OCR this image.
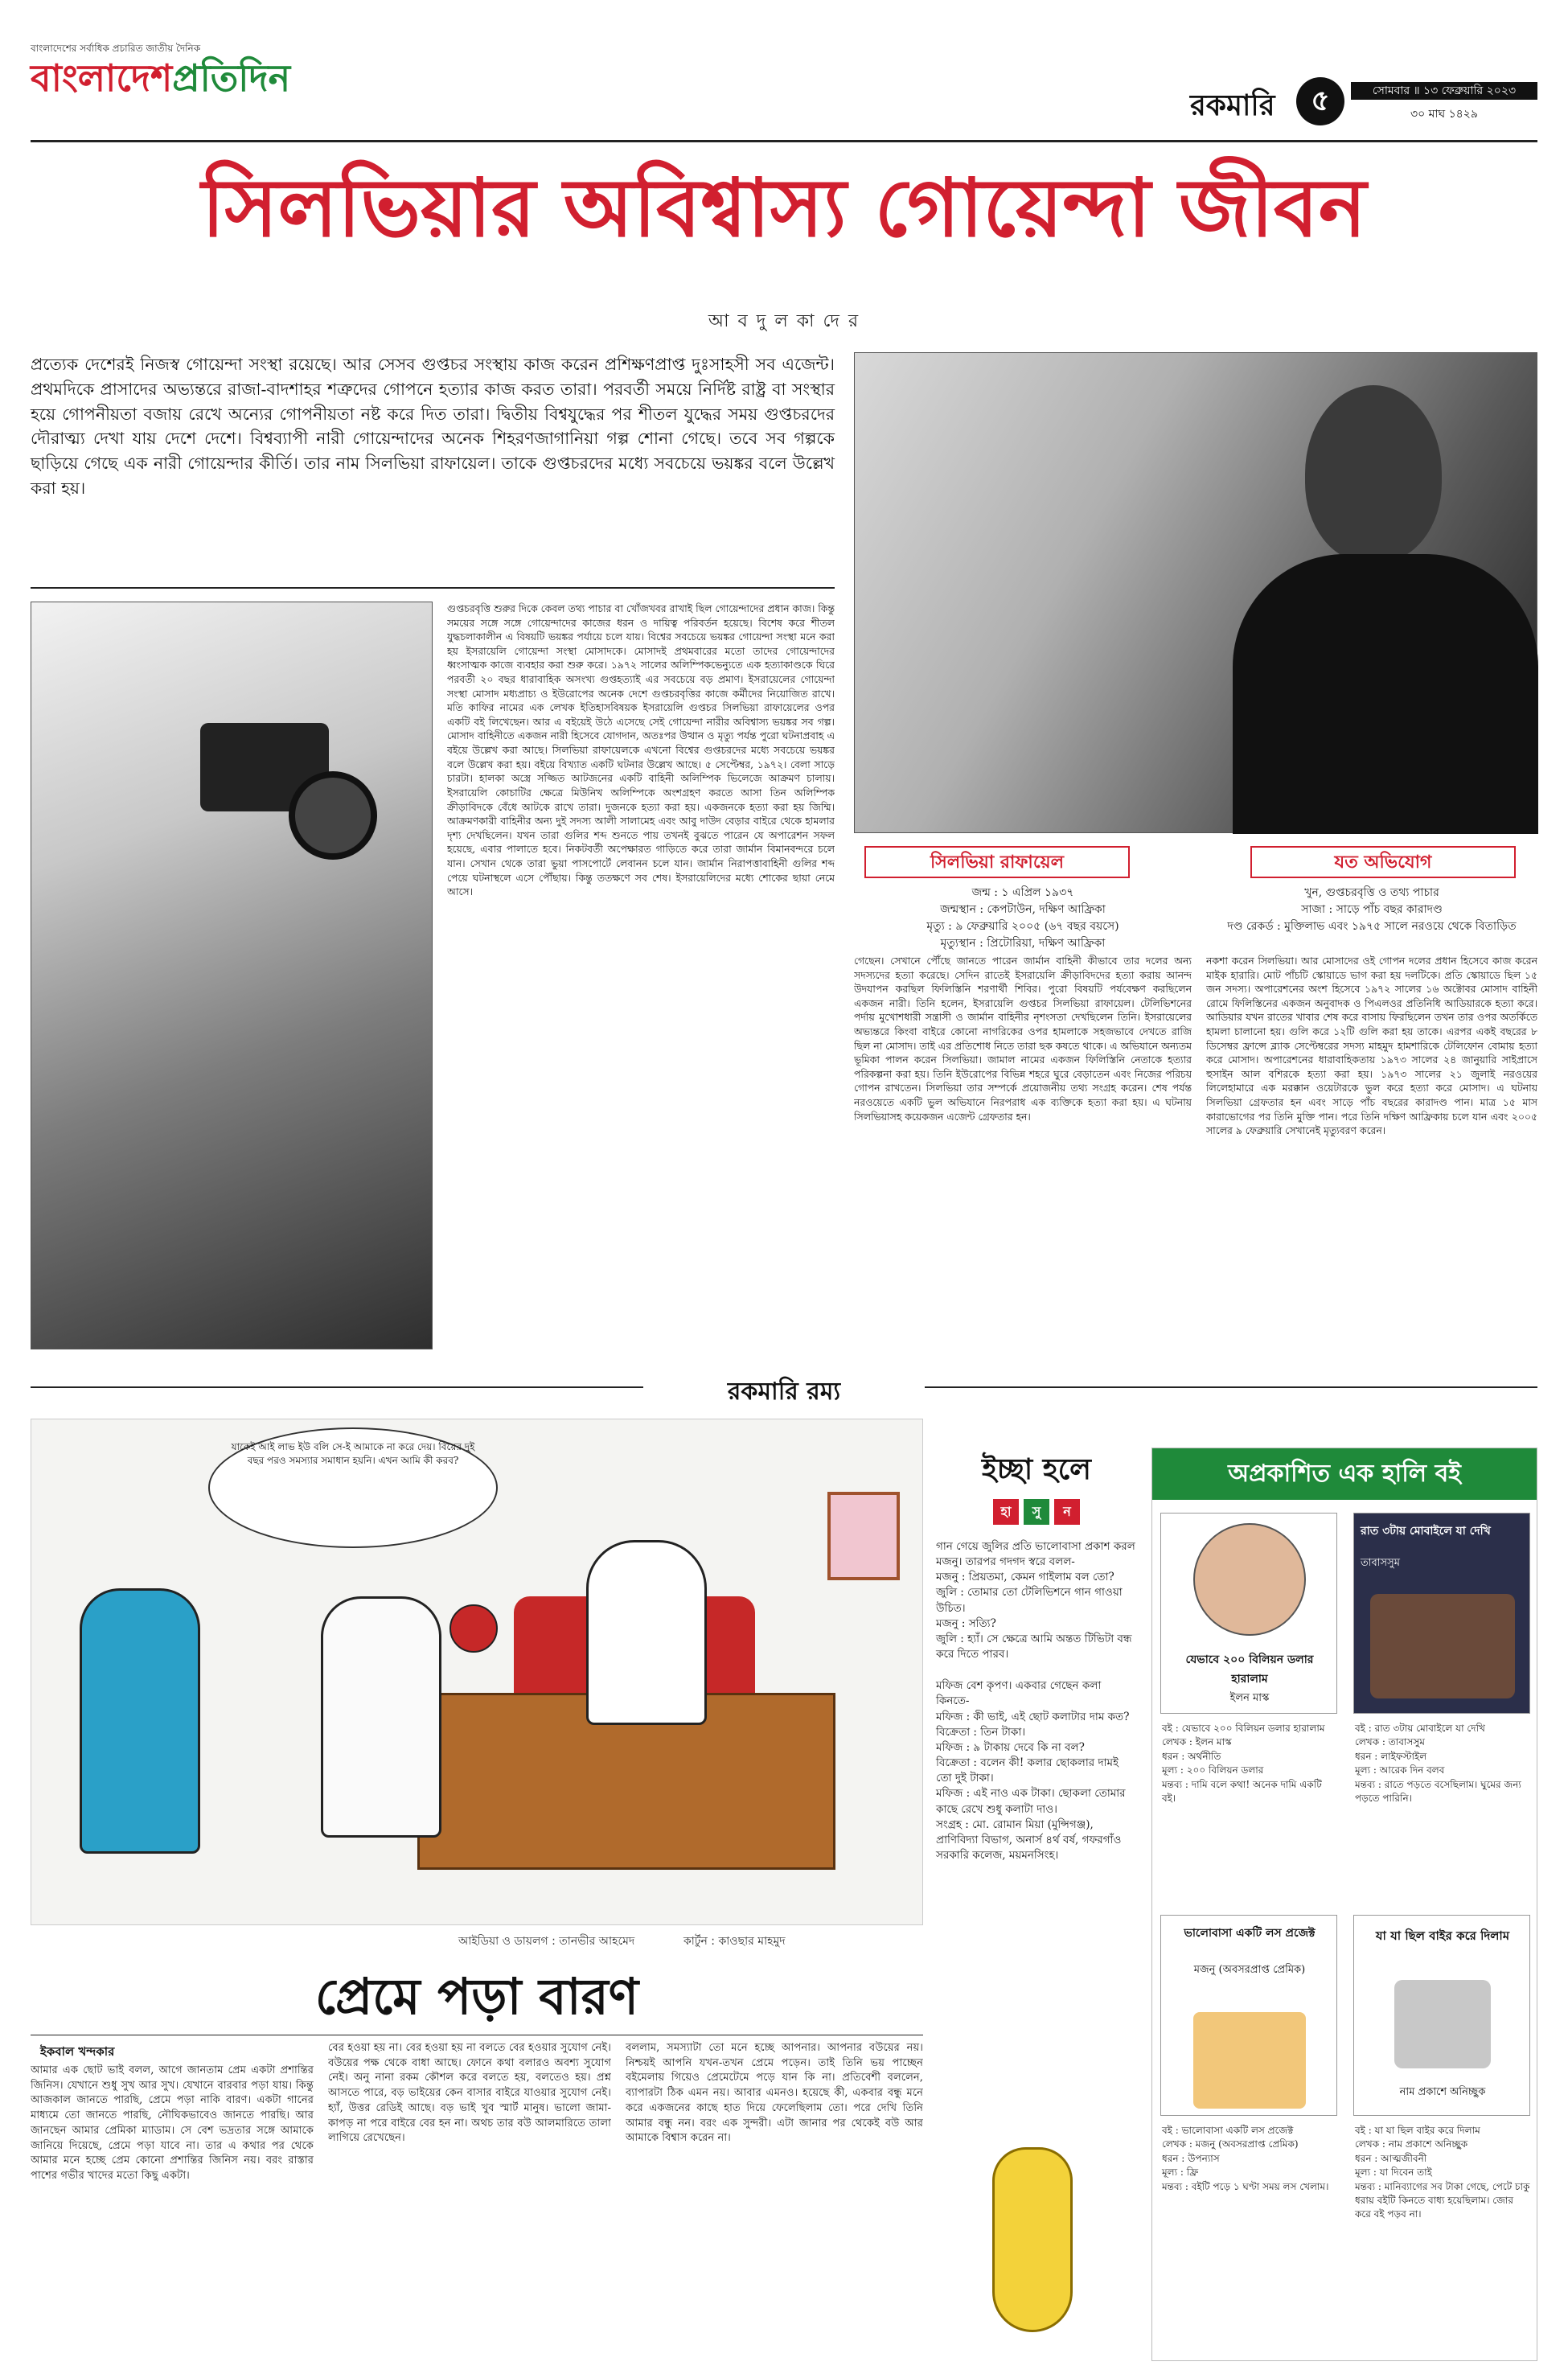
বাংলাদেশের সর্বাধিক প্রচারিত জাতীয় দৈনিক
বাংলাদেশপ্রতিদিন
রকমারি	৫	সোমবার ॥ ১৩ ফেব্রুয়ারি ২০২৩
৩০ মাঘ ১৪২৯
সিলভিয়ার অবিশ্বাস্য গোয়েন্দা জীবন
আ ব দু ল কা দে র
প্রত্যেক দেশেরই নিজস্ব গোয়েন্দা সংস্থা রয়েছে। আর সেসব গুপ্তচর সংস্থায় কাজ করেন প্রশিক্ষণপ্রাপ্ত দুঃসাহসী সব এজেন্ট। প্রথমদিকে প্রাসাদের অভ্যন্তরে রাজা-বাদশাহর শত্রুদের গোপনে হত্যার কাজ করত তারা। পরবর্তী সময়ে নির্দিষ্ট রাষ্ট্র বা সংস্থার হয়ে গোপনীয়তা বজায় রেখে অন্যের গোপনীয়তা নষ্ট করে দিত তারা। দ্বিতীয় বিশ্বযুদ্ধের পর শীতল যুদ্ধের সময় গুপ্তচরদের দৌরাত্ম্য দেখা যায় দেশে দেশে। বিশ্বব্যাপী নারী গোয়েন্দাদের অনেক শিহরণজাগানিয়া গল্প শোনা গেছে। তবে সব গল্পকে ছাড়িয়ে গেছে এক নারী গোয়েন্দার কীর্তি। তার নাম সিলভিয়া রাফায়েল। তাকে গুপ্তচরদের মধ্যে সবচেয়ে ভয়ঙ্কর বলে উল্লেখ করা হয়।
গুপ্তচরবৃত্তি শুরুর দিকে কেবল তথ্য পাচার বা খোঁজখবর রাখাই ছিল গোয়েন্দাদের প্রধান কাজ। কিন্তু সময়ের সঙ্গে সঙ্গে গোয়েন্দাদের কাজের ধরন ও দায়িত্ব পরিবর্তন হয়েছে। বিশেষ করে শীতল যুদ্ধচলাকালীন এ বিষয়টি ভয়ঙ্কর পর্যায়ে চলে যায়। বিশ্বের সবচেয়ে ভয়ঙ্কর গোয়েন্দা সংস্থা মনে করা হয় ইসরায়েলি গোয়েন্দা সংস্থা মোসাদকে। মোসাদই প্রথমবারের মতো তাদের গোয়েন্দাদের ধ্বংসাত্মক কাজে ব্যবহার করা শুরু করে। ১৯৭২ সালের অলিম্পিকভেন্যুতে এক হত্যাকাণ্ডকে ঘিরে পরবর্তী ২০ বছর ধারাবাহিক অসংখ্য গুপ্তহত্যাই এর সবচেয়ে বড় প্রমাণ। ইসরায়েলের গোয়েন্দা সংস্থা মোসাদ মধ্যপ্রাচ্য ও ইউরোপের অনেক দেশে গুপ্তচরবৃত্তির কাজে কর্মীদের নিয়োজিত রাখে। মতি কাফির নামের এক লেখক ইতিহাসবিষয়ক ইসরায়েলি গুপ্তচর সিলভিয়া রাফায়েলের ওপর একটি বই লিখেছেন। আর এ বইয়েই উঠে এসেছে সেই গোয়েন্দা নারীর অবিশ্বাস্য ভয়ঙ্কর সব গল্প। মোসাদ বাহিনীতে একজন নারী হিসেবে যোগদান, অতঃপর উত্থান ও মৃত্যু পর্যন্ত পুরো ঘটনাপ্রবাহ এ বইয়ে উল্লেখ করা আছে। সিলভিয়া রাফায়েলকে এখনো বিশ্বের গুপ্তচরদের মধ্যে সবচেয়ে ভয়ঙ্কর বলে উল্লেখ করা হয়। বইয়ে বিখ্যাত একটি ঘটনার উল্লেখ আছে। ৫ সেপ্টেম্বর, ১৯৭২। বেলা সাড়ে চারটা। হালকা অস্ত্রে সজ্জিত আটজনের একটি বাহিনী অলিম্পিক ভিলেজে আক্রমণ চালায়। ইসরায়েলি কোচাটির ক্ষেত্রে মিউনিখ অলিম্পিকে অংশগ্রহণ করতে আসা তিন অলিম্পিক ক্রীড়াবিদকে বেঁধে আটকে রাখে তারা। দুজনকে হত্যা করা হয়। একজনকে হত্যা করা হয় জিম্মি। আক্রমণকারী বাহিনীর অন্য দুই সদস্য আলী সালামেহ এবং আবু দাউদ বেড়ার বাইরে থেকে হামলার দৃশ্য দেখছিলেন। যখন তারা গুলির শব্দ শুনতে পায় তখনই বুঝতে পারেন যে অপারেশন সফল হয়েছে, এবার পালাতে হবে। নিকটবর্তী অপেক্ষারত গাড়িতে করে তারা জার্মান বিমানবন্দরে চলে যান। সেখান থেকে তারা ভুয়া পাসপোর্টে লেবানন চলে যান। জার্মান নিরাপত্তাবাহিনী গুলির শব্দ পেয়ে ঘটনাস্থলে এসে পৌঁছায়। কিন্তু ততক্ষণে সব শেষ। ইসরায়েলিদের মধ্যে শোকের ছায়া নেমে আসে।
সিলভিয়া রাফায়েল	যত অভিযোগ
জন্ম : ১ এপ্রিল ১৯৩৭
জন্মস্থান : কেপটাউন, দক্ষিণ আফ্রিকা
মৃত্যু : ৯ ফেব্রুয়ারি ২০০৫ (৬৭ বছর বয়সে)
মৃত্যুস্থান : প্রিটোরিয়া, দক্ষিণ আফ্রিকা
খুন, গুপ্তচরবৃত্তি ও তথ্য পাচার
সাজা : সাড়ে পাঁচ বছর কারাদণ্ড
দণ্ড রেকর্ড : মুক্তিলাভ এবং ১৯৭৫ সালে নরওয়ে থেকে বিতাড়িত
গেছেন। সেখানে পৌঁছে জানতে পারেন জার্মান বাহিনী কীভাবে তার দলের অন্য সদস্যদের হত্যা করেছে। সেদিন রাতেই ইসরায়েলি ক্রীড়াবিদদের হত্যা করায় আনন্দ উদযাপন করছিল ফিলিস্তিনি শরণার্থী শিবির। পুরো বিষয়টি পর্যবেক্ষণ করছিলেন একজন নারী। তিনি হলেন, ইসরায়েলি গুপ্তচর সিলভিয়া রাফায়েল। টেলিভিশনের পর্দায় মুখোশধারী সন্ত্রাসী ও জার্মান বাহিনীর নৃশংসতা দেখছিলেন তিনি। ইসরায়েলের অভ্যন্তরে কিংবা বাইরে কোনো নাগরিকের ওপর হামলাকে সহজভাবে দেখতে রাজি ছিল না মোসাদ। তাই এর প্রতিশোধ নিতে তারা ছক কষতে থাকে। এ অভিযানে অন্যতম ভূমিকা পালন করেন সিলভিয়া। জামাল নামের একজন ফিলিস্তিনি নেতাকে হত্যার পরিকল্পনা করা হয়। তিনি ইউরোপের বিভিন্ন শহরে ঘুরে বেড়াতেন এবং নিজের পরিচয় গোপন রাখতেন। সিলভিয়া তার সম্পর্কে প্রয়োজনীয় তথ্য সংগ্রহ করেন। শেষ পর্যন্ত নরওয়েতে একটি ভুল অভিযানে নিরপরাধ এক ব্যক্তিকে হত্যা করা হয়। এ ঘটনায় সিলভিয়াসহ কয়েকজন এজেন্ট গ্রেফতার হন।
নকশা করেন সিলভিয়া। আর মোসাদের ওই গোপন দলের প্রধান হিসেবে কাজ করেন মাইক হারারি। মোট পাঁচটি স্কোয়াডে ভাগ করা হয় দলটিকে। প্রতি স্কোয়াডে ছিল ১৫ জন সদস্য। অপারেশনের অংশ হিসেবে ১৯৭২ সালের ১৬ অক্টোবর মোসাদ বাহিনী রোমে ফিলিস্তিনের একজন অনুবাদক ও পিএলওর প্রতিনিধি আডিয়ারকে হত্যা করে। আডিয়ার যখন রাতের খাবার শেষ করে বাসায় ফিরছিলেন তখন তার ওপর অতর্কিতে হামলা চালানো হয়। গুলি করে ১২টি গুলি করা হয় তাকে। এরপর একই বছরের ৮ ডিসেম্বর ফ্রান্সে ব্ল্যাক সেপ্টেম্বরের সদস্য মাহমুদ হামশারিকে টেলিফোন বোমায় হত্যা করে মোসাদ। অপারেশনের ধারাবাহিকতায় ১৯৭৩ সালের ২৪ জানুয়ারি সাইপ্রাসে হুসাইন আল বশিরকে হত্যা করা হয়। ১৯৭৩ সালের ২১ জুলাই নরওয়ের লিলেহামারে এক মরক্কান ওয়েটারকে ভুল করে হত্যা করে মোসাদ। এ ঘটনায় সিলভিয়া গ্রেফতার হন এবং সাড়ে পাঁচ বছরের কারাদণ্ড পান। মাত্র ১৫ মাস কারাভোগের পর তিনি মুক্তি পান। পরে তিনি দক্ষিণ আফ্রিকায় চলে যান এবং ২০০৫ সালের ৯ ফেব্রুয়ারি সেখানেই মৃত্যুবরণ করেন।
রকমারি রম্য
যাকেই আই লাভ ইউ বলি সে-ই আমাকে না করে দেয়। বিয়ের দুই বছর পরও সমস্যার সমাধান হয়নি। এখন আমি কী করব?
আইডিয়া ও ডায়লগ : তানভীর আহমেদ	কার্টুন : কাওছার মাহমুদ
প্রেমে পড়া বারণ
ইকবাল খন্দকার
আমার এক ছোট ভাই বলল, আগে জানতাম প্রেম একটা প্রশান্তির জিনিস। যেখানে শুধু সুখ আর সুখ। যেখানে বারবার পড়া যায়। কিন্তু আজকাল জানতে পারছি, প্রেমে পড়া নাকি বারণ। একটা গানের মাধ্যমে তো জানতে পারছি, নৌঘিকভাবেও জানতে পারছি। আর জানছেন আমার প্রেমিকা ম্যাডাম। সে বেশ ভদ্রতার সঙ্গে আমাকে জানিয়ে দিয়েছে, প্রেমে পড়া যাবে না। তার এ কথার পর থেকে আমার মনে হচ্ছে প্রেম কোনো প্রশান্তির জিনিস নয়। বরং রাস্তার পাশের গভীর খাদের মতো কিছু একটা।
বের হওয়া হয় না। বের হওয়া হয় না বলতে বের হওয়ার সুযোগ নেই। বউয়ের পক্ষ থেকে বাধা আছে। ফোনে কথা বলারও অবশ্য সুযোগ নেই। অনু নানা রকম কৌশল করে বলতে হয়, বলতেও হয়। প্রশ্ন আসতে পারে, বড় ভাইয়ের কেন বাসার বাইরে যাওয়ার সুযোগ নেই। হ্যাঁ, উত্তর রেডিই আছে। বড় ভাই খুব স্মার্ট মানুষ। ভালো জামা-কাপড় না পরে বাইরে বের হন না। অথচ তার বউ আলমারিতে তালা লাগিয়ে রেখেছেন।
বললাম, সমস্যাটা তো মনে হচ্ছে আপনার। আপনার বউয়ের নয়। নিশ্চয়ই আপনি যখন-তখন প্রেমে পড়েন। তাই তিনি ভয় পাচ্ছেন বইমেলায় গিয়েও প্রেমেটেমে পড়ে যান কি না। প্রতিবেশী বললেন, ব্যাপারটা ঠিক এমন নয়। আবার এমনও। হয়েছে কী, একবার বন্ধু মনে করে একজনের কাছে হাত দিয়ে ফেলেছিলাম তো। পরে দেখি তিনি আমার বন্ধু নন। বরং এক সুন্দরী। এটা জানার পর থেকেই বউ আর আমাকে বিশ্বাস করেন না।
ইচ্ছা হলে
হা	সু	ন
গান গেয়ে জুলির প্রতি ভালোবাসা প্রকাশ করল মজনু। তারপর গদগদ স্বরে বলল-
মজনু : প্রিয়তমা, কেমন গাইলাম বল তো?
জুলি : তোমার তো টেলিভিশনে গান গাওয়া উচিত।
মজনু : সত্যি?
জুলি : হ্যাঁ। সে ক্ষেত্রে আমি অন্তত টিভিটা বন্ধ করে দিতে পারব।
মফিজ বেশ কৃপণ। একবার গেছেন কলা কিনতে-
মফিজ : কী ভাই, এই ছোট কলাটার দাম কত?
বিক্রেতা : তিন টাকা।
মফিজ : ৯ টাকায় দেবে কি না বল?
বিক্রেতা : বলেন কী! কলার ছোকলার দামই তো দুই টাকা।
মফিজ : এই নাও এক টাকা। ছোকলা তোমার কাছে রেখে শুধু কলাটা দাও।
সংগ্রহ : মো. রোমান মিয়া (মুন্সিগঞ্জ), প্রাণিবিদ্যা বিভাগ, অনার্স ৪র্থ বর্ষ, গফরগাঁও সরকারি কলেজ, ময়মনসিংহ।
অপ্রকাশিত এক হালি বই
যেভাবে ২০০ বিলিয়ন ডলার হারালাম
ইলন মাস্ক
বই : যেভাবে ২০০ বিলিয়ন ডলার হারালাম
লেখক : ইলন মাস্ক
ধরন : অর্থনীতি
মূল্য : ২০০ বিলিয়ন ডলার
মন্তব্য : দামি বলে কথা! অনেক দামি একটি বই।
রাত ৩টায় মোবাইলে যা দেখি
তাবাসসুম
বই : রাত ৩টায় মোবাইলে যা দেখি
লেখক : তাবাসসুম
ধরন : লাইফস্টাইল
মূল্য : আরেক দিন বলব
মন্তব্য : রাতে পড়তে বসেছিলাম। ঘুমের জন্য পড়তে পারিনি।
ভালোবাসা একটি লস প্রজেক্ট
মজনু (অবসরপ্রাপ্ত প্রেমিক)
বই : ভালোবাসা একটি লস প্রজেক্ট
লেখক : মজনু (অবসরপ্রাপ্ত প্রেমিক)
ধরন : উপন্যাস
মূল্য : ফ্রি
মন্তব্য : বইটি পড়ে ১ ঘণ্টা সময় লস খেলাম।
যা যা ছিল বাইর করে দিলাম
নাম প্রকাশে অনিচ্ছুক
বই : যা যা ছিল বাইর করে দিলাম
লেখক : নাম প্রকাশে অনিচ্ছুক
ধরন : আত্মজীবনী
মূল্য : যা দিবেন তাই
মন্তব্য : মানিব্যাগের সব টাকা গেছে, পেটে চাকু ধরায় বইটি কিনতে বাধ্য হয়েছিলাম। জোর করে বই পড়ব না।
